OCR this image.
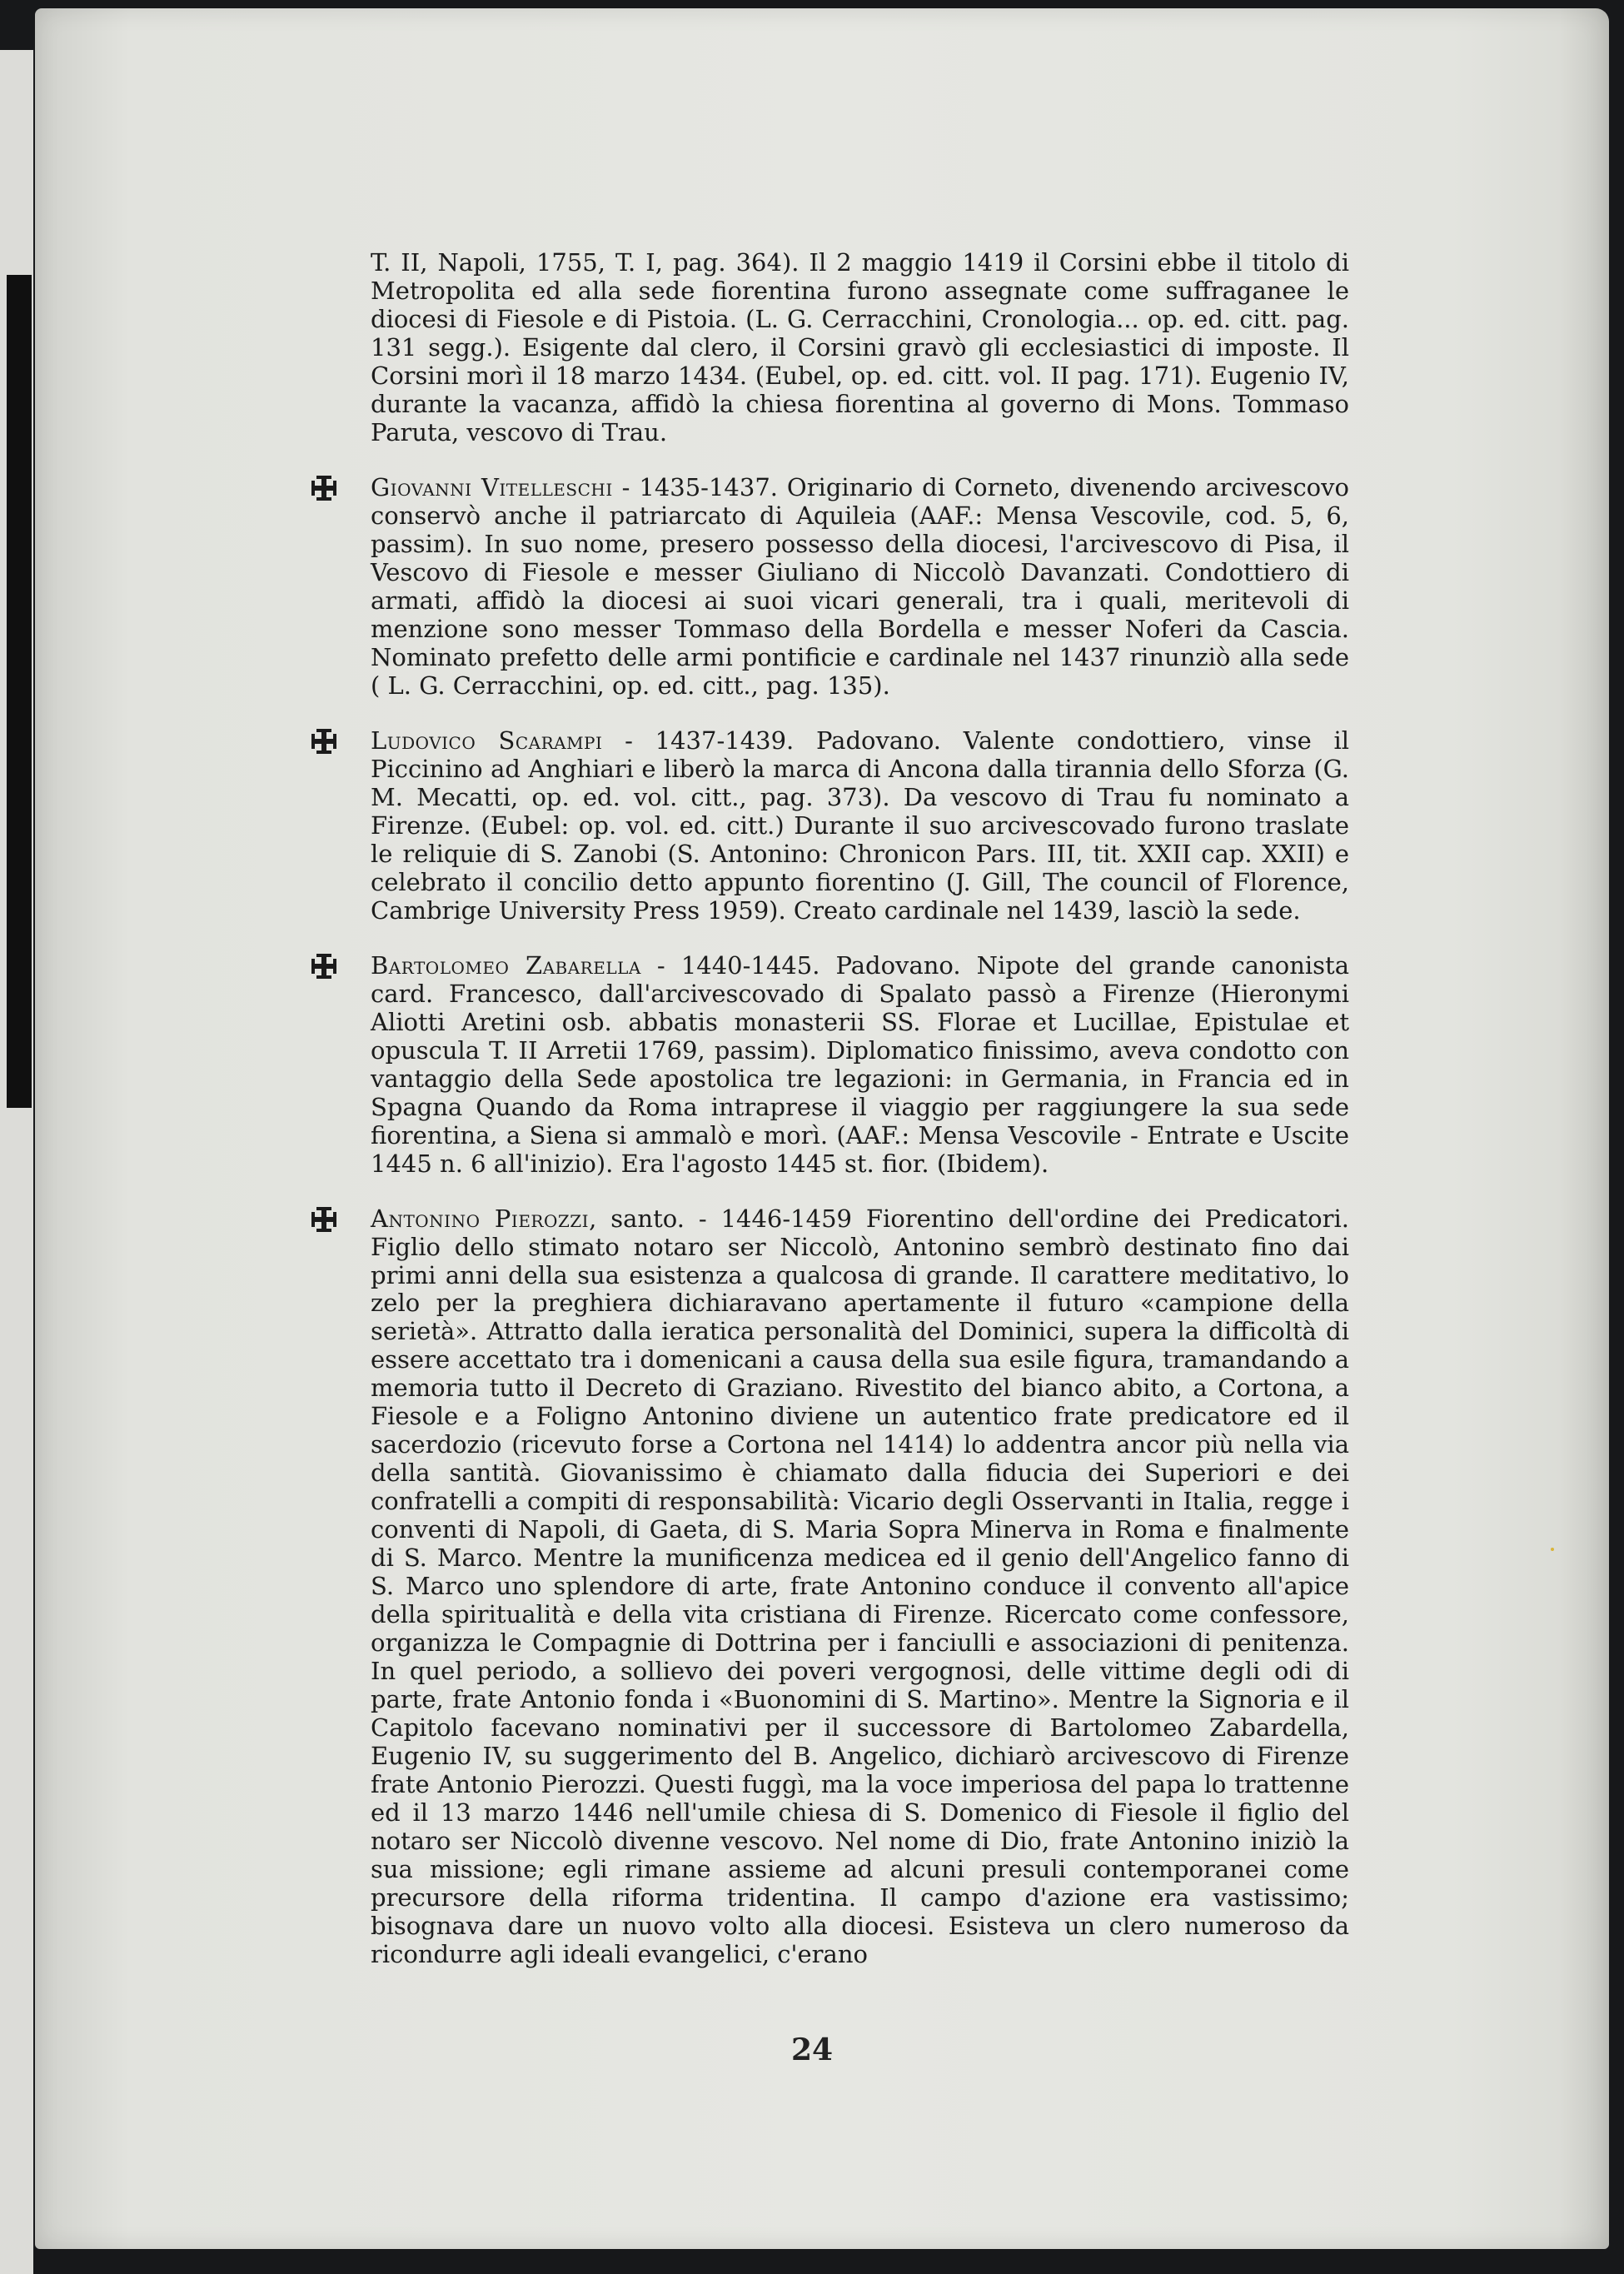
T. II, Napoli, 1755, T. I, pag. 364). Il 2 maggio 1419 il Corsini ebbe il titolo di Metropolita ed alla sede fiorentina furono assegnate come suffraganee le diocesi di Fiesole e di Pistoia. (L. G. Cerracchini, Cronologia... op. ed. citt. pag. 131 segg.). Esigente dal clero, il Corsini gravò gli ecclesiastici di imposte. Il Corsini morì il 18 marzo 1434. (Eubel, op. ed. citt. vol. II pag. 171). Eugenio IV, durante la vacanza, affidò la chiesa fiorentina al governo di Mons. Tommaso Paruta, vescovo di Trau.
Giovanni Vitelleschi - 1435-1437. Originario di Corneto, divenendo arcivescovo conservò anche il patriarcato di Aquileia (AAF.: Mensa Vescovile, cod. 5, 6, passim). In suo nome, presero possesso della diocesi, l'arcivescovo di Pisa, il Vescovo di Fiesole e messer Giuliano di Niccolò Davanzati. Condottiero di armati, affidò la diocesi ai suoi vicari generali, tra i quali, meritevoli di menzione sono messer Tommaso della Bordella e messer Noferi da Cascia. Nominato prefetto delle armi pontificie e cardinale nel 1437 rinunziò alla sede ( L. G. Cerracchini, op. ed. citt., pag. 135).
Ludovico Scarampi - 1437-1439. Padovano. Valente condottiero, vinse il Piccinino ad Anghiari e liberò la marca di Ancona dalla tirannia dello Sforza (G. M. Mecatti, op. ed. vol. citt., pag. 373). Da vescovo di Trau fu nominato a Firenze. (Eubel: op. vol. ed. citt.) Durante il suo arcivescovado furono traslate le reliquie di S. Zanobi (S. Antonino: Chronicon Pars. III, tit. XXII cap. XXII) e celebrato il concilio detto appunto fiorentino (J. Gill, The council of Florence, Cambrige University Press 1959). Creato cardinale nel 1439, lasciò la sede.
Bartolomeo Zabarella - 1440-1445. Padovano. Nipote del grande canonista card. Francesco, dall'arcivescovado di Spalato passò a Firenze (Hieronymi Aliotti Aretini osb. abbatis monasterii SS. Florae et Lucillae, Epistulae et opuscula T. II Arretii 1769, passim). Diplomatico finissimo, aveva condotto con vantaggio della Sede apostolica tre legazioni: in Germania, in Francia ed in Spagna Quando da Roma intraprese il viaggio per raggiungere la sua sede fiorentina, a Siena si ammalò e morì. (AAF.: Mensa Vescovile - Entrate e Uscite 1445 n. 6 all'inizio). Era l'agosto 1445 st. fior. (Ibidem).
Antonino Pierozzi, santo. - 1446-1459 Fiorentino dell'ordine dei Predicatori. Figlio dello stimato notaro ser Niccolò, Antonino sembrò destinato fino dai primi anni della sua esistenza a qualcosa di grande. Il carattere meditativo, lo zelo per la preghiera dichiaravano apertamente il futuro «campione della serietà». Attratto dalla ieratica personalità del Dominici, supera la difficoltà di essere accettato tra i domenicani a causa della sua esile figura, tramandando a memoria tutto il Decreto di Graziano. Rivestito del bianco abito, a Cortona, a Fiesole e a Foligno Antonino diviene un autentico frate predicatore ed il sacerdozio (ricevuto forse a Cortona nel 1414) lo addentra ancor più nella via della santità. Giovanissimo è chiamato dalla fiducia dei Superiori e dei confratelli a compiti di responsabilità: Vicario degli Osservanti in Italia, regge i conventi di Napoli, di Gaeta, di S. Maria Sopra Minerva in Roma e finalmente di S. Marco. Mentre la munificenza medicea ed il genio dell'Angelico fanno di S. Marco uno splendore di arte, frate Antonino conduce il convento all'apice della spiritualità e della vita cristiana di Firenze. Ricercato come confessore, organizza le Compagnie di Dottrina per i fanciulli e associazioni di penitenza. In quel periodo, a sollievo dei poveri vergognosi, delle vittime degli odi di parte, frate Antonio fonda i «Buonomini di S. Martino». Mentre la Signoria e il Capitolo facevano nominativi per il successore di Bartolomeo Zabardella, Eugenio IV, su suggerimento del B. Angelico, dichiarò arcivescovo di Firenze frate Antonio Pierozzi. Questi fuggì, ma la voce imperiosa del papa lo trattenne ed il 13 marzo 1446 nell'umile chiesa di S. Domenico di Fiesole il figlio del notaro ser Niccolò divenne vescovo. Nel nome di Dio, frate Antonino iniziò la sua missione; egli rimane assieme ad alcuni presuli contemporanei come precursore della riforma tridentina. Il campo d'azione era vastissimo; bisognava dare un nuovo volto alla diocesi. Esisteva un clero numeroso da ricondurre agli ideali evangelici, c'erano
24
